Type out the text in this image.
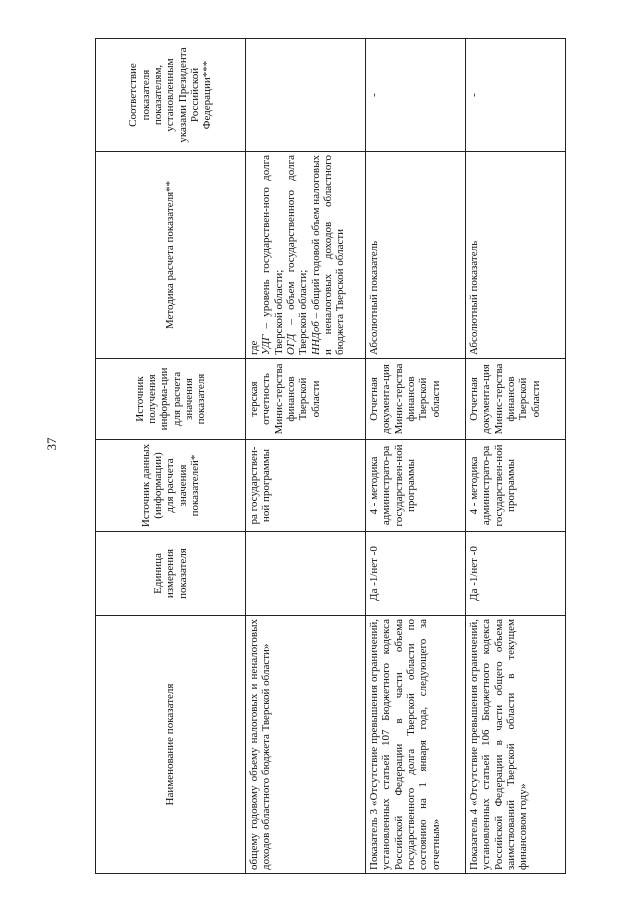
37
Наименование показателя	Единица измерения показателя	Источник данных (информации) для расчета значения показателей*	Источник получения информа-ции для расчета значения показателя	Методика расчета показателя**	Соответствие показателя показателям, установленным указами Президента Российской Федерации***
общему годовому объему налоговых и неналоговых доходов областного бюджета Тверской области»		ра государствен-ной программы	терская отчетность Минис-терства финансов Тверской области	где УДГ – уровень государствен-ного долга Тверской области; ОГД – объем государственного долга Тверской области; ННДоб – общий годовой объем налоговых и неналоговых доходов областного бюджета Тверской области	

Показатель 3 «Отсутствие превышения ограничений, установленных статьей 107 Бюджетного кодекса Российской Федерации в части объема государственного долга Тверской области по состоянию на 1 января года, следующего за отчетным»	Да -1/нет -0	4 - методика администрато-ра государствен-ной программы	Отчетная документа-ция Минис-терства финансов Тверской области	Абсолютный показатель	-
Показатель 4 «Отсутствие превышения ограничений, установленных статьей 106 Бюджетного кодекса Российской Федерации в части общего объема заимствований Тверской области в текущем финансовом году»	Да -1/нет -0	4 - методика администрато-ра государствен-ной программы	Отчетная документа-ция Минис-терства финансов Тверской области	Абсолютный показатель	-
